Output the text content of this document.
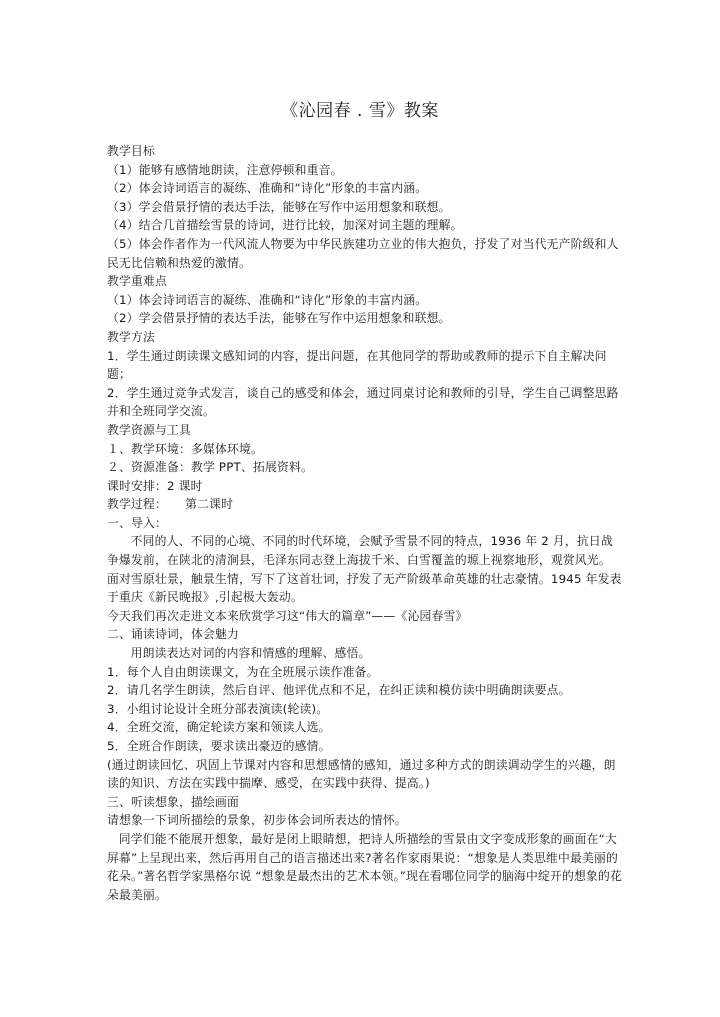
《沁园春 . 雪》教案

教学目标

（1）能够有感情地朗读，注意停顿和重音。

（2）体会诗词语言的凝练、准确和“诗化”形象的丰富内涵。

（3）学会借景抒情的表达手法，能够在写作中运用想象和联想。

（4）结合几首描绘雪景的诗词，进行比较，加深对词主题的理解。

（5）体会作者作为一代风流人物要为中华民族建功立业的伟大抱负，抒发了对当代无产阶级和人民无比信赖和热爱的激情。

教学重难点

（1）体会诗词语言的凝练、准确和“诗化”形象的丰富内涵。

（2）学会借景抒情的表达手法，能够在写作中运用想象和联想。

教学方法

1．学生通过朗读课文感知词的内容，提出问题，在其他同学的帮助或教师的提示下自主解决问题；

2．学生通过竞争式发言，谈自己的感受和体会，通过同桌讨论和教师的引导，学生自己调整思路并和全班同学交流。

教学资源与工具

１、教学环境：多媒体环境。

２、资源准备：教学 PPT、拓展资料。

课时安排：2 课时

教学过程：　　第二课时

一、导入：

不同的人、不同的心境、不同的时代环境，会赋予雪景不同的特点，1936 年 2 月，抗日战争爆发前，在陕北的清涧县，毛泽东同志登上海拔千米、白雪覆盖的塬上视察地形，观赏风光。面对雪原壮景，触景生情，写下了这首壮词，抒发了无产阶级革命英雄的壮志豪情。1945 年发表于重庆《新民晚报》,引起极大轰动。

今天我们再次走进文本来欣赏学习这“伟大的篇章”——《沁园春雪》

二、诵读诗词，体会魅力

用朗读表达对词的内容和情感的理解、感悟。

1．每个人自由朗读课文，为在全班展示读作准备。

2．请几名学生朗读，然后自评、他评优点和不足，在纠正读和模仿读中明确朗读要点。

3．小组讨论设计全班分部表演读(轮读)。

4．全班交流，确定轮读方案和领读人选。

5．全班合作朗读，要求读出豪迈的感情。

(通过朗读回忆、巩固上节课对内容和思想感情的感知，通过多种方式的朗读调动学生的兴趣，朗读的知识、方法在实践中揣摩、感受，在实践中获得、提高。)

三、听读想象，描绘画面

请想象一下词所描绘的景象，初步体会词所表达的情怀。

同学们能不能展开想象，最好是闭上眼睛想，把诗人所描绘的雪景由文字变成形象的画面在“大屏幕”上呈现出来，然后再用自己的语言描述出来?著名作家雨果说：“想象是人类思维中最美丽的花朵。”著名哲学家黑格尔说 “想象是最杰出的艺术本领。”现在看哪位同学的脑海中绽开的想象的花朵最美丽。
